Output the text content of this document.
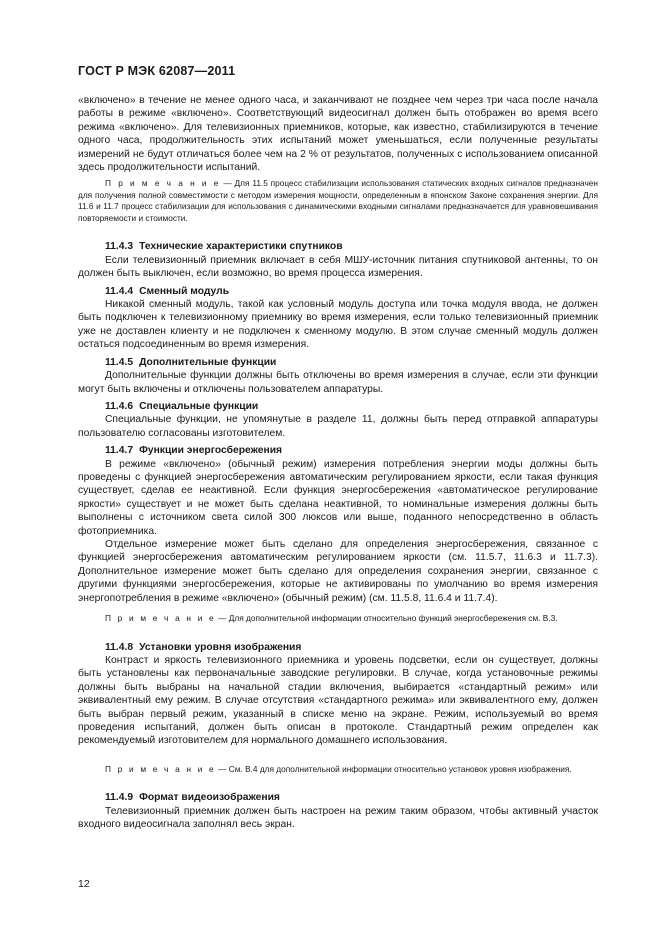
ГОСТ Р МЭК 62087—2011

«включено» в течение не менее одного часа, и заканчивают не позднее чем через три часа после начала работы в режиме «включено». Соответствующий видеосигнал должен быть отображен во время всего режима «включено». Для телевизионных приемников, которые, как известно, стабилизируются в течение одного часа, продолжительность этих испытаний может уменьшаться, если полученные результаты измерений не будут отличаться более чем на 2 % от результатов, полученных с использованием описанной здесь продолжительности испытаний.

П р и м е ч а н и е — Для 11.5 процесс стабилизации использования статических входных сигналов предназначен для получения полной совместимости с методом измерения мощности, определенным в японском Законе сохранения энергии. Для 11.6 и 11.7 процесс стабилизации для использования с динамическими входными сигналами предназначается для уравновешивания повторяемости и стоимости.

11.4.3 Технические характеристики спутников

Если телевизионный приемник включает в себя МШУ-источник питания спутниковой антенны, то он должен быть выключен, если возможно, во время процесса измерения.

11.4.4 Сменный модуль

Никакой сменный модуль, такой как условный модуль доступа или точка модуля ввода, не должен быть подключен к телевизионному приемнику во время измерения, если только телевизионный приемник уже не доставлен клиенту и не подключен к сменному модулю. В этом случае сменный модуль должен остаться подсоединенным во время измерения.

11.4.5 Дополнительные функции

Дополнительные функции должны быть отключены во время измерения в случае, если эти функции могут быть включены и отключены пользователем аппаратуры.

11.4.6 Специальные функции

Специальные функции, не упомянутые в разделе 11, должны быть перед отправкой аппаратуры пользователю согласованы изготовителем.

11.4.7 Функции энергосбережения

В режиме «включено» (обычный режим) измерения потребления энергии моды должны быть проведены с функцией энергосбережения автоматическим регулированием яркости, если такая функция существует, сделав ее неактивной. Если функция энергосбережения «автоматическое регулирование яркости» существует и не может быть сделана неактивной, то номинальные измерения должны быть выполнены с источником света силой 300 люксов или выше, поданного непосредственно в область фотоприемника.

Отдельное измерение может быть сделано для определения энергосбережения, связанное с функцией энергосбережения автоматическим регулированием яркости (см. 11.5.7, 11.6.3 и 11.7.3). Дополнительное измерение может быть сделано для определения сохранения энергии, связанное с другими функциями энергосбережения, которые не активированы по умолчанию во время измерения энергопотребления в режиме «включено» (обычный режим) (см. 11.5.8, 11.6.4 и 11.7.4).

П р и м е ч а н и е — Для дополнительной информации относительно функций энергосбережения см. В.3.

11.4.8 Установки уровня изображения

Контраст и яркость телевизионного приемника и уровень подсветки, если он существует, должны быть установлены как первоначальные заводские регулировки. В случае, когда установочные режимы должны быть выбраны на начальной стадии включения, выбирается «стандартный режим» или эквивалентный ему режим. В случае отсутствия «стандартного режима» или эквивалентного ему, должен быть выбран первый режим, указанный в списке меню на экране. Режим, используемый во время проведения испытаний, должен быть описан в протоколе. Стандартный режим определен как рекомендуемый изготовителем для нормального домашнего использования.

П р и м е ч а н и е — См. В.4 для дополнительной информации относительно установок уровня изображения.

11.4.9 Формат видеоизображения

Телевизионный приемник должен быть настроен на режим таким образом, чтобы активный участок входного видеосигнала заполнял весь экран.

12
